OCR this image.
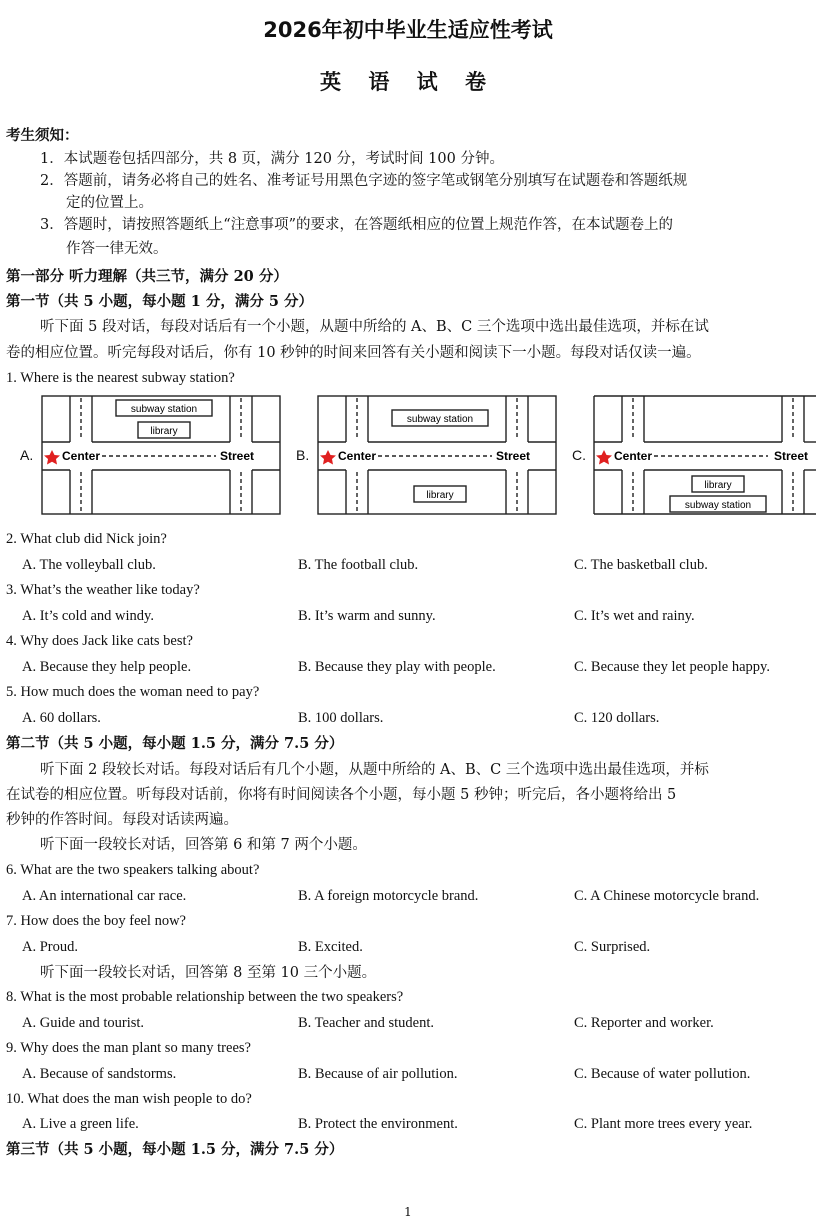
2026年初中毕业生适应性考试
英 语 试 卷
考生须知：
1．本试题卷包括四部分，共 8 页，满分 120 分，考试时间 100 分钟。
2．答题前，请务必将自己的姓名、准考证号用黑色字迹的签字笔或钢笔分别填写在试题卷和答题纸规
定的位置上。
3．答题时，请按照答题纸上“注意事项”的要求，在答题纸相应的位置上规范作答，在本试题卷上的
作答一律无效。
第一部分 听力理解（共三节，满分 20 分）
第一节（共 5 小题，每小题 1 分，满分 5 分）
听下面 5 段对话，每段对话后有一个小题，从题中所给的 A、B、C 三个选项中选出最佳选项，并标在试
卷的相应位置。听完每段对话后，你有 10 秒钟的时间来回答有关小题和阅读下一小题。每段对话仅读一遍。
1. Where is the nearest subway station?
A. Center	Street
subway station
library
B. Center	Street
subway station
library
C. Center	Street
library
subway station
2. What club did Nick join?
A. The volleyball club.	B. The football club.	C. The basketball club.
3. What’s the weather like today?
A. It’s cold and windy.	B. It’s warm and sunny.	C. It’s wet and rainy.
4. Why does Jack like cats best?
A. Because they help people.	B. Because they play with people.	C. Because they let people happy.
5. How much does the woman need to pay?
A. 60 dollars.	B. 100 dollars.	C. 120 dollars.
第二节（共 5 小题，每小题 1.5 分，满分 7.5 分）
听下面 2 段较长对话。每段对话后有几个小题，从题中所给的 A、B、C 三个选项中选出最佳选项，并标
在试卷的相应位置。听每段对话前，你将有时间阅读各个小题，每小题 5 秒钟；听完后，各小题将给出 5
秒钟的作答时间。每段对话读两遍。
听下面一段较长对话，回答第 6 和第 7 两个小题。
6. What are the two speakers talking about?
A. An international car race.	B. A foreign motorcycle brand.	C. A Chinese motorcycle brand.
7. How does the boy feel now?
A. Proud.	B. Excited.	C. Surprised.
听下面一段较长对话，回答第 8 至第 10 三个小题。
8. What is the most probable relationship between the two speakers?
A. Guide and tourist.	B. Teacher and student.	C. Reporter and worker.
9. Why does the man plant so many trees?
A. Because of sandstorms.	B. Because of air pollution.	C. Because of water pollution.
10. What does the man wish people to do?
A. Live a green life.	B. Protect the environment.	C. Plant more trees every year.
第三节（共 5 小题，每小题 1.5 分，满分 7.5 分）
1
